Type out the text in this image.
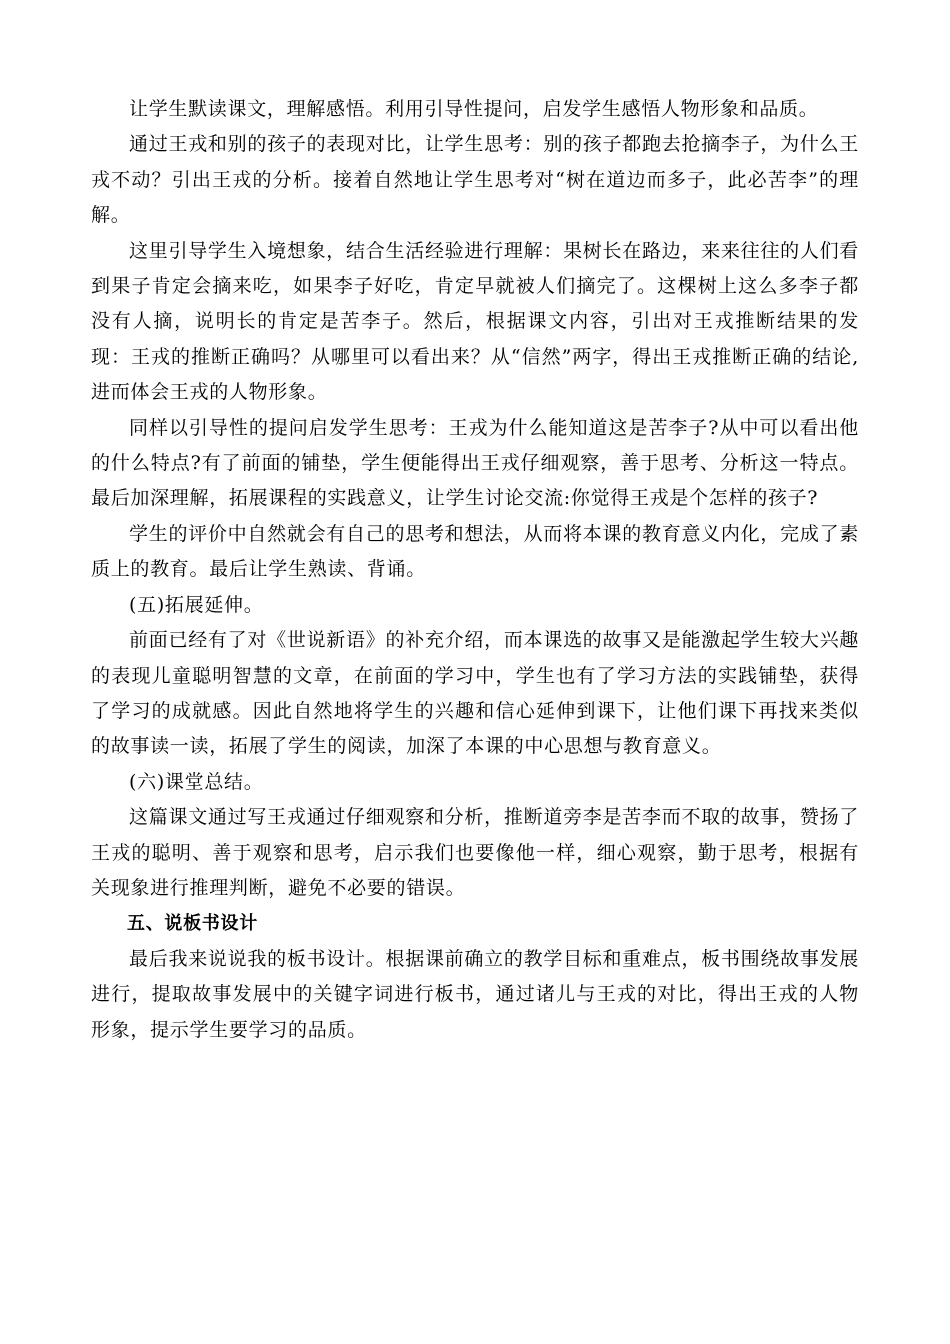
让学生默读课文，理解感悟。利用引导性提问，启发学生感悟人物形象和品质。

通过王戎和别的孩子的表现对比，让学生思考：别的孩子都跑去抢摘李子，为什么王戎不动？引出王戎的分析。接着自然地让学生思考对“树在道边而多子，此必苦李”的理解。

这里引导学生入境想象，结合生活经验进行理解：果树长在路边，来来往往的人们看到果子肯定会摘来吃，如果李子好吃，肯定早就被人们摘完了。这棵树上这么多李子都没有人摘，说明长的肯定是苦李子。然后，根据课文内容，引出对王戎推断结果的发现：王戎的推断正确吗？从哪里可以看出来？从“信然”两字，得出王戎推断正确的结论,进而体会王戎的人物形象。

同样以引导性的提问启发学生思考：王戎为什么能知道这是苦李子?从中可以看出他的什么特点?有了前面的铺垫，学生便能得出王戎仔细观察，善于思考、分析这一特点。最后加深理解，拓展课程的实践意义，让学生讨论交流:你觉得王戎是个怎样的孩子?

学生的评价中自然就会有自己的思考和想法，从而将本课的教育意义内化，完成了素质上的教育。最后让学生熟读、背诵。

(五)拓展延伸。

前面已经有了对《世说新语》的补充介绍，而本课选的故事又是能激起学生较大兴趣的表现儿童聪明智慧的文章，在前面的学习中，学生也有了学习方法的实践铺垫，获得了学习的成就感。因此自然地将学生的兴趣和信心延伸到课下，让他们课下再找来类似的故事读一读，拓展了学生的阅读，加深了本课的中心思想与教育意义。

(六)课堂总结。

这篇课文通过写王戎通过仔细观察和分析，推断道旁李是苦李而不取的故事，赞扬了王戎的聪明、善于观察和思考，启示我们也要像他一样，细心观察，勤于思考，根据有关现象进行推理判断，避免不必要的错误。

五、说板书设计

最后我来说说我的板书设计。根据课前确立的教学目标和重难点，板书围绕故事发展进行，提取故事发展中的关键字词进行板书，通过诸儿与王戎的对比，得出王戎的人物形象，提示学生要学习的品质。
